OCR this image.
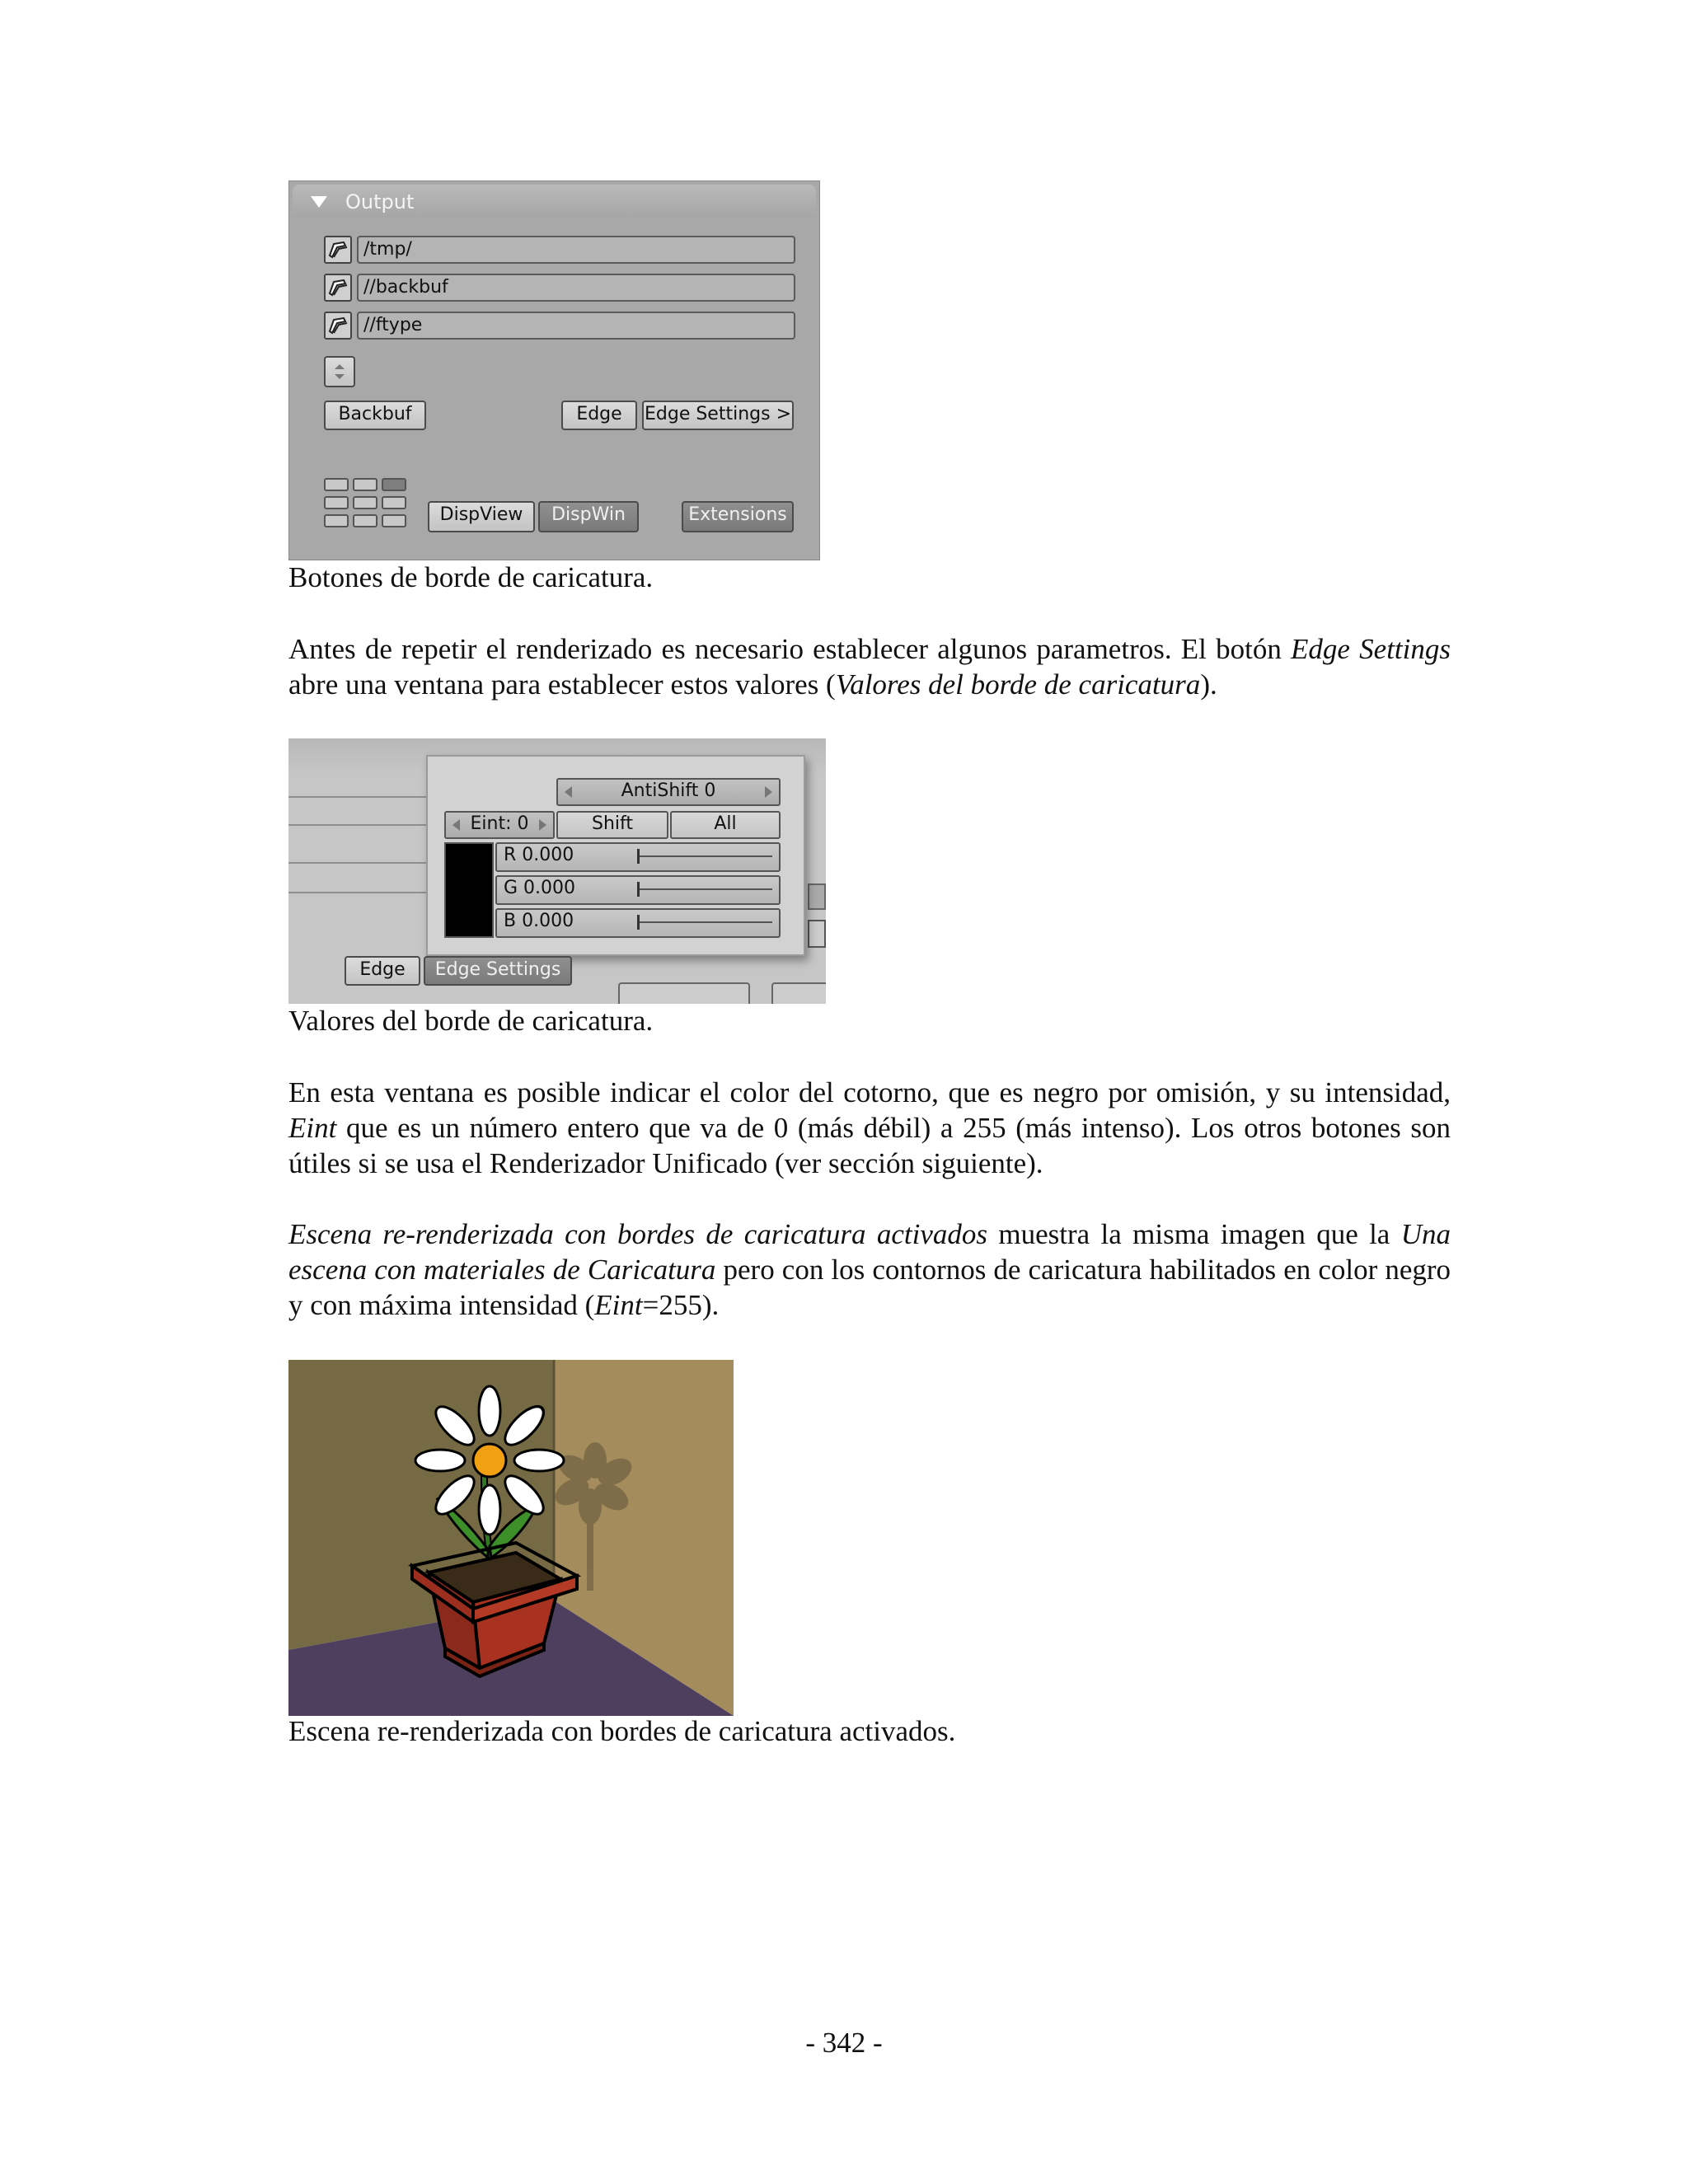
Output
/tmp/
//backbuf
//ftype
Backbuf	Edge	Edge Settings >
DispView	DispWin	Extensions
Botones de borde de caricatura.
Antes de repetir el renderizado es necesario establecer algunos parametros. El botón Edge Settings abre una ventana para establecer estos valores (Valores del borde de caricatura).
AntiShift 0
Eint: 0	Shift	All
R 0.000
G 0.000
B 0.000
Edge	Edge Settings
Valores del borde de caricatura.
En esta ventana es posible indicar el color del cotorno, que es negro por omisión, y su intensidad, Eint que es un número entero que va de 0 (más débil) a 255 (más intenso). Los otros botones son útiles si se usa el Renderizador Unificado (ver sección siguiente).
Escena re-renderizada con bordes de caricatura activados muestra la misma imagen que la Una escena con materiales de Caricatura pero con los contornos de caricatura habilitados en color negro y con máxima intensidad (Eint=255).
Escena re-renderizada con bordes de caricatura activados.
- 342 -
